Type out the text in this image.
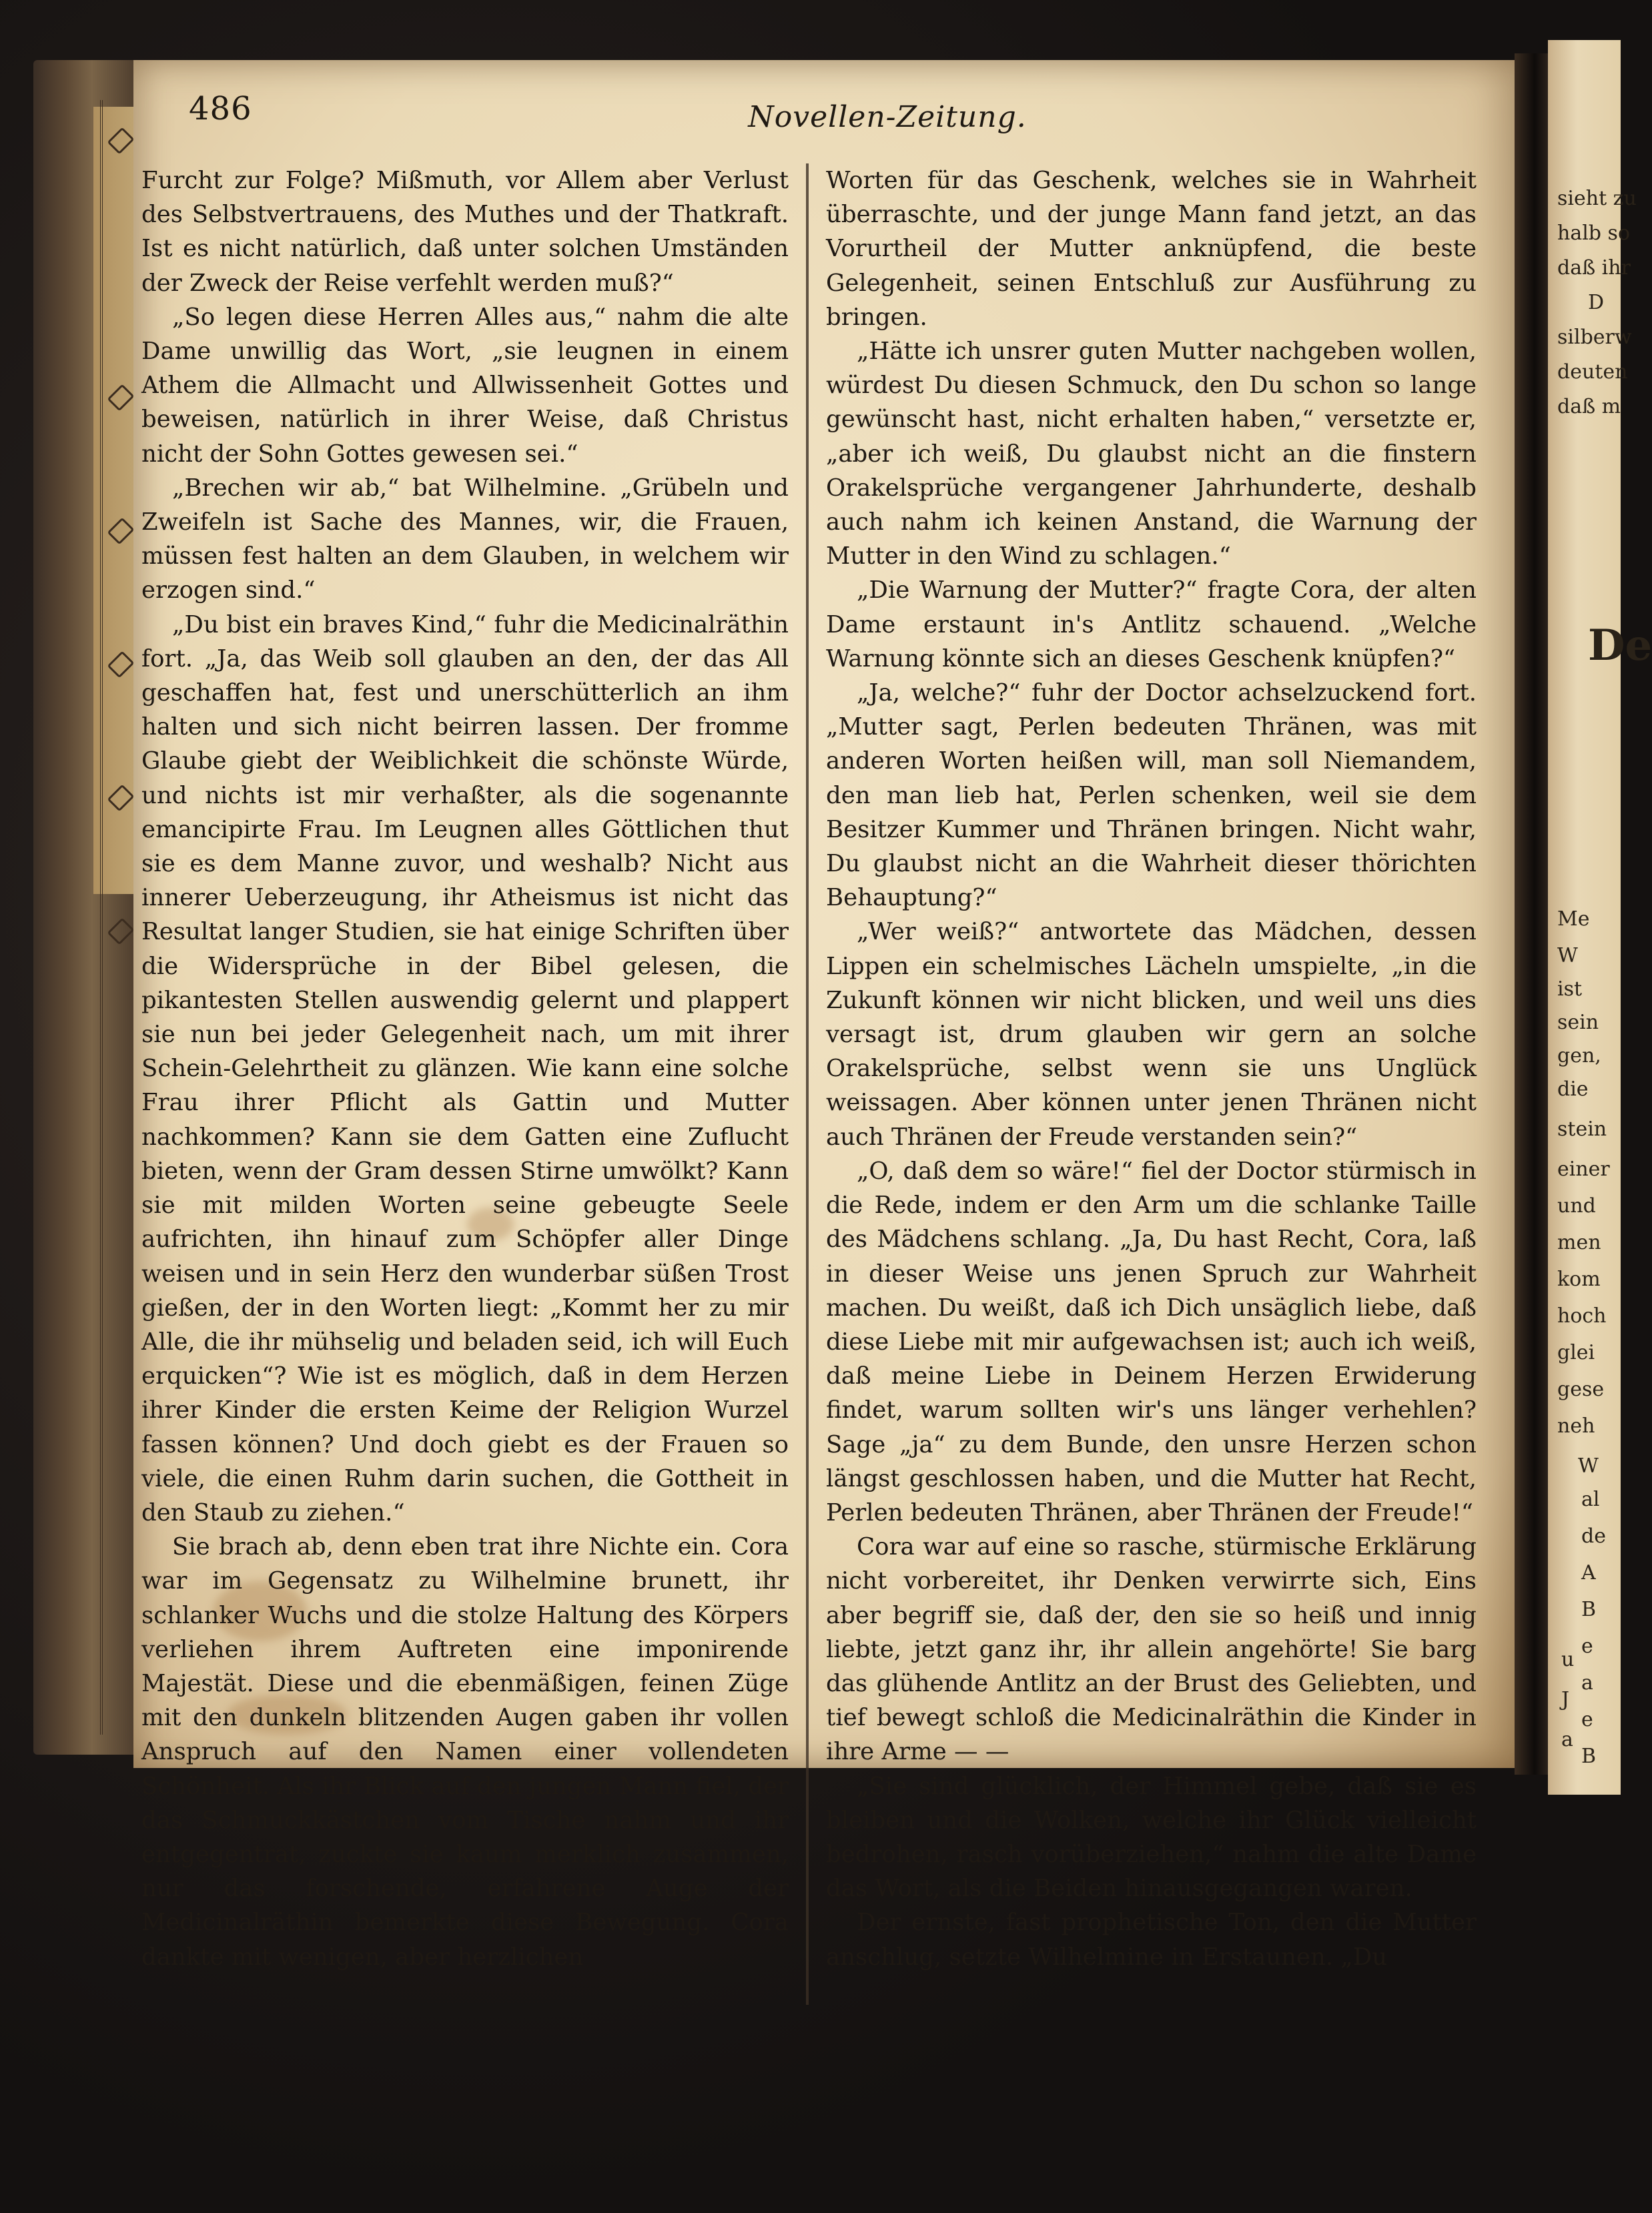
sieht zu
halb so
daß ihr
D
silberw
deuten
daß m
De
Me
W
ist
sein
gen,
die
stein
einer
und
men
kom
hoch
glei
gese
neh
W
al
de
A
B
e
a
e
B
u
J
a
486	Novellen-Zeitung.

Furcht zur Folge? Mißmuth, vor Allem aber Verlust des Selbstvertrauens, des Muthes und der Thatkraft. Ist es nicht natürlich, daß unter solchen Umständen der Zweck der Reise verfehlt werden muß?“

„So legen diese Herren Alles aus,“ nahm die alte Dame unwillig das Wort, „sie leugnen in einem Athem die Allmacht und Allwissenheit Gottes und beweisen, natürlich in ihrer Weise, daß Christus nicht der Sohn Gottes gewesen sei.“

„Brechen wir ab,“ bat Wilhelmine. „Grübeln und Zweifeln ist Sache des Mannes, wir, die Frauen, müssen fest halten an dem Glauben, in welchem wir erzogen sind.“

„Du bist ein braves Kind,“ fuhr die Medicinalräthin fort. „Ja, das Weib soll glauben an den, der das All geschaffen hat, fest und unerschütterlich an ihm halten und sich nicht beirren lassen. Der fromme Glaube giebt der Weiblichkeit die schönste Würde, und nichts ist mir verhaßter, als die sogenannte emancipirte Frau. Im Leugnen alles Göttlichen thut sie es dem Manne zuvor, und weshalb? Nicht aus innerer Ueberzeugung, ihr Atheismus ist nicht das Resultat langer Studien, sie hat einige Schriften über die Widersprüche in der Bibel gelesen, die pikantesten Stellen auswendig gelernt und plappert sie nun bei jeder Gelegenheit nach, um mit ihrer Schein-Gelehrtheit zu glänzen. Wie kann eine solche Frau ihrer Pflicht als Gattin und Mutter nachkommen? Kann sie dem Gatten eine Zuflucht bieten, wenn der Gram dessen Stirne umwölkt? Kann sie mit milden Worten seine gebeugte Seele aufrichten, ihn hinauf zum Schöpfer aller Dinge weisen und in sein Herz den wunderbar süßen Trost gießen, der in den Worten liegt: „Kommt her zu mir Alle, die ihr mühselig und beladen seid, ich will Euch erquicken“? Wie ist es möglich, daß in dem Herzen ihrer Kinder die ersten Keime der Religion Wurzel fassen können? Und doch giebt es der Frauen so viele, die einen Ruhm darin suchen, die Gottheit in den Staub zu ziehen.“

Sie brach ab, denn eben trat ihre Nichte ein. Cora war im Gegensatz zu Wilhelmine brunett, ihr schlanker Wuchs und die stolze Haltung des Körpers verliehen ihrem Auftreten eine imponirende Majestät. Diese und die ebenmäßigen, feinen Züge mit den dunkeln blitzenden Augen gaben ihr vollen Anspruch auf den Namen einer vollendeten Schönheit. Als ihr Blick auf den jungen Mann fiel, der das Schmuckkästchen vom Tische nahm und ihr entgegentrat, zuckte sie kaum merklich zusammen, nur das forschende, erfahrene Auge der Medicinalräthin bemerkte diese Bewegung. Cora dankte mit wenigen, aber herzlichen

Worten für das Geschenk, welches sie in Wahrheit überraschte, und der junge Mann fand jetzt, an das Vorurtheil der Mutter anknüpfend, die beste Gelegenheit, seinen Entschluß zur Ausführung zu bringen.

„Hätte ich unsrer guten Mutter nachgeben wollen, würdest Du diesen Schmuck, den Du schon so lange gewünscht hast, nicht erhalten haben,“ versetzte er, „aber ich weiß, Du glaubst nicht an die finstern Orakelsprüche vergangener Jahrhunderte, deshalb auch nahm ich keinen Anstand, die Warnung der Mutter in den Wind zu schlagen.“

„Die Warnung der Mutter?“ fragte Cora, der alten Dame erstaunt in's Antlitz schauend. „Welche Warnung könnte sich an dieses Geschenk knüpfen?“

„Ja, welche?“ fuhr der Doctor achselzuckend fort. „Mutter sagt, Perlen bedeuten Thränen, was mit anderen Worten heißen will, man soll Niemandem, den man lieb hat, Perlen schenken, weil sie dem Besitzer Kummer und Thränen bringen. Nicht wahr, Du glaubst nicht an die Wahrheit dieser thörichten Behauptung?“

„Wer weiß?“ antwortete das Mädchen, dessen Lippen ein schelmisches Lächeln umspielte, „in die Zukunft können wir nicht blicken, und weil uns dies versagt ist, drum glauben wir gern an solche Orakelsprüche, selbst wenn sie uns Unglück weissagen. Aber können unter jenen Thränen nicht auch Thränen der Freude verstanden sein?“

„O, daß dem so wäre!“ fiel der Doctor stürmisch in die Rede, indem er den Arm um die schlanke Taille des Mädchens schlang. „Ja, Du hast Recht, Cora, laß in dieser Weise uns jenen Spruch zur Wahrheit machen. Du weißt, daß ich Dich unsäglich liebe, daß diese Liebe mit mir aufgewachsen ist; auch ich weiß, daß meine Liebe in Deinem Herzen Erwiderung findet, warum sollten wir's uns länger verhehlen? Sage „ja“ zu dem Bunde, den unsre Herzen schon längst geschlossen haben, und die Mutter hat Recht, Perlen bedeuten Thränen, aber Thränen der Freude!“

Cora war auf eine so rasche, stürmische Erklärung nicht vorbereitet, ihr Denken verwirrte sich, Eins aber begriff sie, daß der, den sie so heiß und innig liebte, jetzt ganz ihr, ihr allein angehörte! Sie barg das glühende Antlitz an der Brust des Geliebten, und tief bewegt schloß die Medicinalräthin die Kinder in ihre Arme — —

„Sie sind glücklich, der Himmel gebe, daß sie es bleiben und die Wolken, welche ihr Glück vielleicht bedrohen, rasch vorüberziehen,“ nahm die alte Dame das Wort, als die Beiden hinausgegangen waren.

Der ernste, fast prophetische Ton, den die Mutter anschlug, setzte Wilhelmine in Erstaunen. „Du
